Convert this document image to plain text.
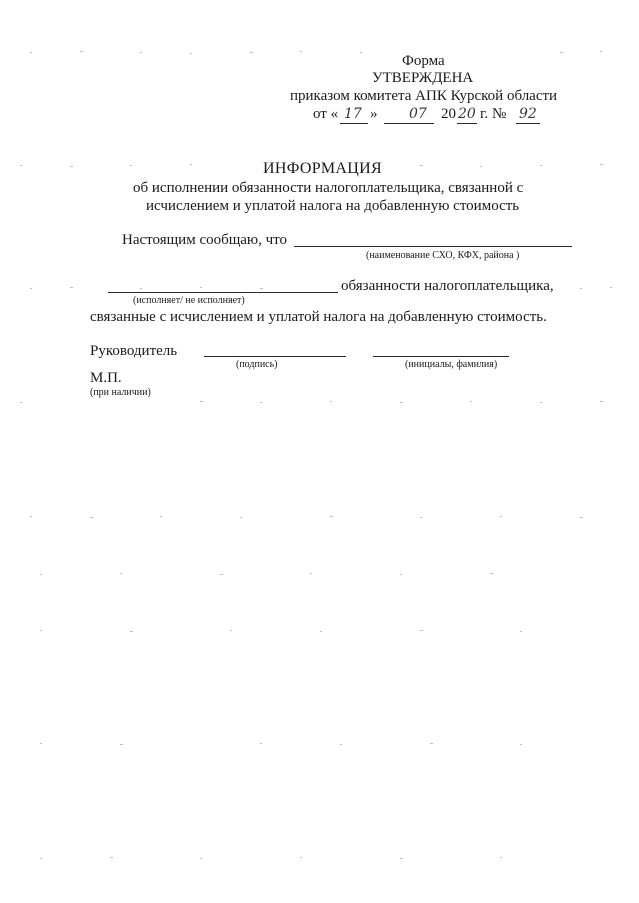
Форма
УТВЕРЖДЕНА
приказом комитета АПК Курской области
от « 17 » 07 20 20 г. № 92
ИНФОРМАЦИЯ
об исполнении обязанности налогоплательщика, связанной с
исчислением и уплатой налога на добавленную стоимость
Настоящим сообщаю, что
(наименование СХО, КФХ, района )
обязанности налогоплательщика,
(исполняет/ не исполняет)
связанные с исчислением и уплатой налога на добавленную стоимость.
Руководитель
(подпись)	(инициалы, фамилия)
М.П.
(при наличии)
